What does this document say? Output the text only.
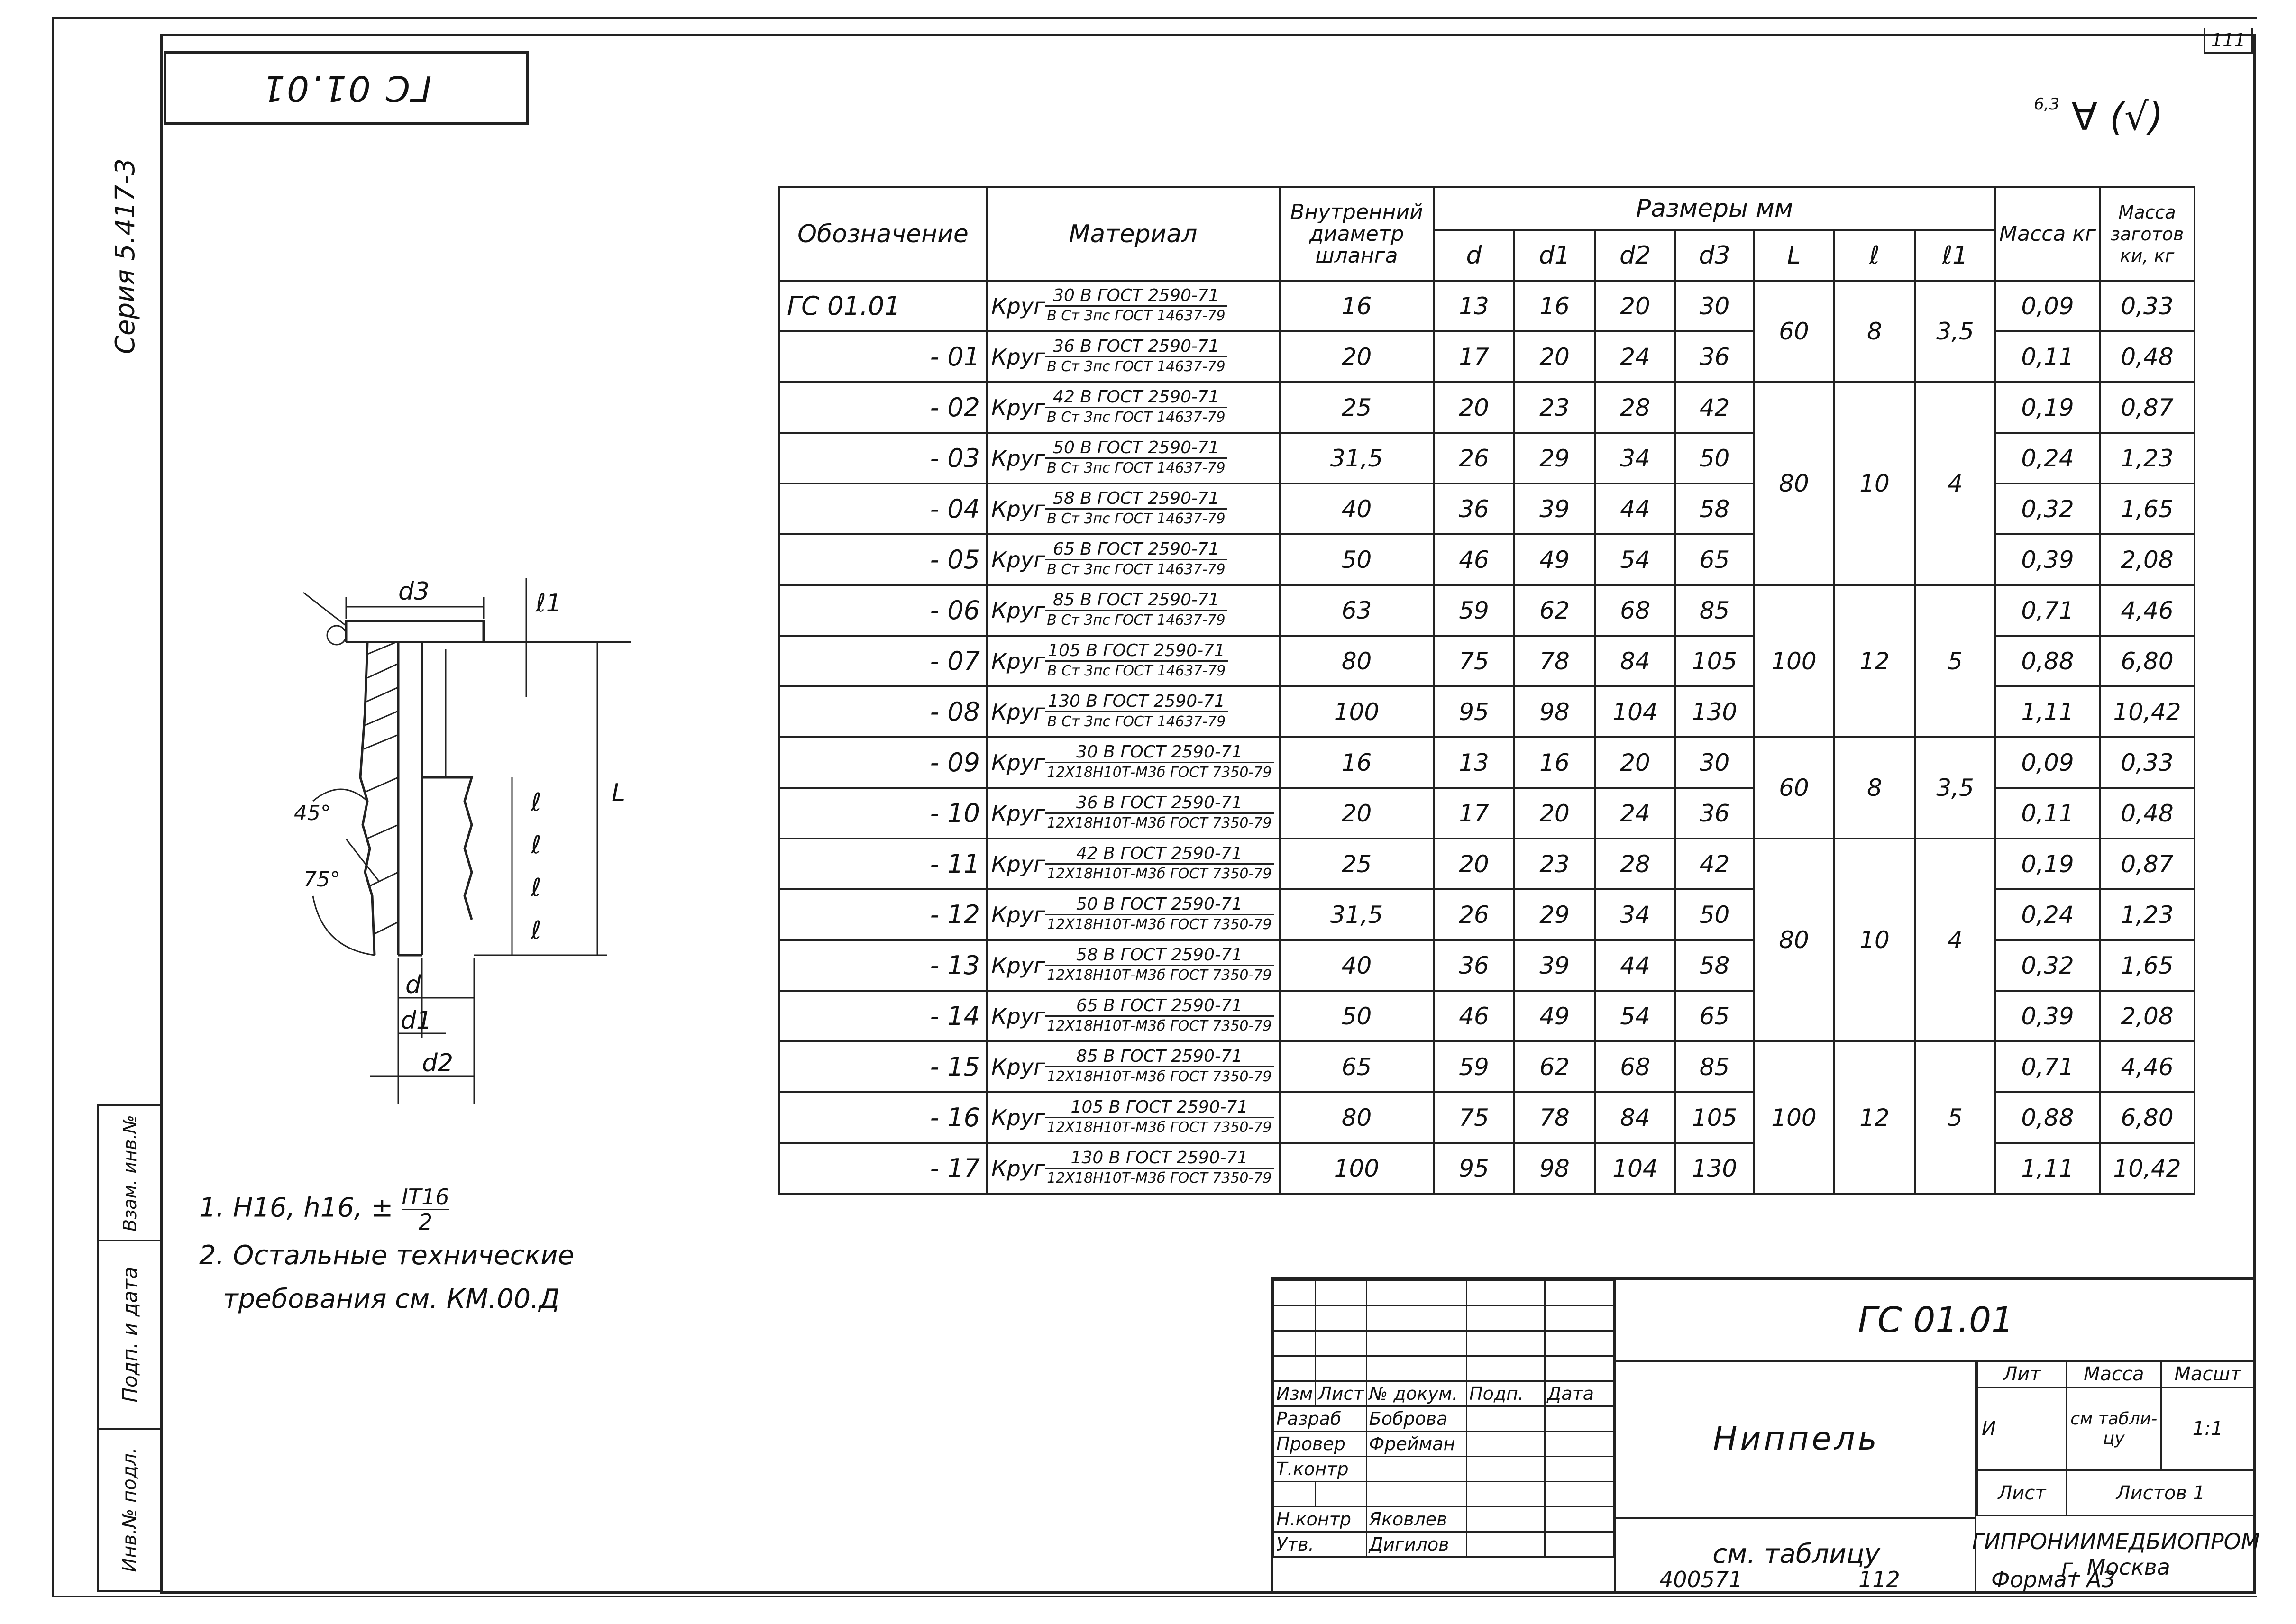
111
ГС 01.01
Серия 5.417-3
$^{6,3}$ ∀ (√)
Обозначение	Материал	Внутренний диаметр шланга	Размеры мм							Масса кг	Масса заготов ки, кг
			d	d1	d2	d3	L	ℓ	ℓ1		
ГС 01.01	Круг $\frac{\text{30 В ГОСТ 2590-71}}{\text{В Ст 3пс ГОСТ 14637-79}}$	16	13	16	20	30	60	8	3,5	0,09	0,33
- 01	Круг $\frac{\text{36 В ГОСТ 2590-71}}{\text{В Ст 3пс ГОСТ 14637-79}}$	20	17	20	24	36				0,11	0,48
- 02	Круг $\frac{\text{42 В ГОСТ 2590-71}}{\text{В Ст 3пс ГОСТ 14637-79}}$	25	20	23	28	42	80	10	4	0,19	0,87
- 03	Круг $\frac{\text{50 В ГОСТ 2590-71}}{\text{В Ст 3пс ГОСТ 14637-79}}$	31,5	26	29	34	50				0,24	1,23
- 04	Круг $\frac{\text{58 В ГОСТ 2590-71}}{\text{В Ст 3пс ГОСТ 14637-79}}$	40	36	39	44	58				0,32	1,65
- 05	Круг $\frac{\text{65 В ГОСТ 2590-71}}{\text{В Ст 3пс ГОСТ 14637-79}}$	50	46	49	54	65				0,39	2,08
- 06	Круг $\frac{\text{85 В ГОСТ 2590-71}}{\text{В Ст 3пс ГОСТ 14637-79}}$	63	59	62	68	85	100	12	5	0,71	4,46
- 07	Круг $\frac{\text{105 В ГОСТ 2590-71}}{\text{В Ст 3пс ГОСТ 14637-79}}$	80	75	78	84	105				0,88	6,80
- 08	Круг $\frac{\text{130 В ГОСТ 2590-71}}{\text{В Ст 3пс ГОСТ 14637-79}}$	100	95	98	104	130				1,11	10,42
- 09	Круг $\frac{\text{30 В ГОСТ 2590-71}}{\text{12Х18Н10Т-М3б ГОСТ 7350-79}}$	16	13	16	20	30	60	8	3,5	0,09	0,33
- 10	Круг $\frac{\text{36 В ГОСТ 2590-71}}{\text{12Х18Н10Т-М3б ГОСТ 7350-79}}$	20	17	20	24	36				0,11	0,48
- 11	Круг $\frac{\text{42 В ГОСТ 2590-71}}{\text{12Х18Н10Т-М3б ГОСТ 7350-79}}$	25	20	23	28	42	80	10	4	0,19	0,87
- 12	Круг $\frac{\text{50 В ГОСТ 2590-71}}{\text{12Х18Н10Т-М3б ГОСТ 7350-79}}$	31,5	26	29	34	50				0,24	1,23
- 13	Круг $\frac{\text{58 В ГОСТ 2590-71}}{\text{12Х18Н10Т-М3б ГОСТ 7350-79}}$	40	36	39	44	58				0,32	1,65
- 14	Круг $\frac{\text{65 В ГОСТ 2590-71}}{\text{12Х18Н10Т-М3б ГОСТ 7350-79}}$	50	46	49	54	65				0,39	2,08
- 15	Круг $\frac{\text{85 В ГОСТ 2590-71}}{\text{12Х18Н10Т-М3б ГОСТ 7350-79}}$	65	59	62	68	85	100	12	5	0,71	4,46
- 16	Круг $\frac{\text{105 В ГОСТ 2590-71}}{\text{12Х18Н10Т-М3б ГОСТ 7350-79}}$	80	75	78	84	105				0,88	6,80
- 17	Круг $\frac{\text{130 В ГОСТ 2590-71}}{\text{12Х18Н10Т-М3б ГОСТ 7350-79}}$	100	95	98	104	130				1,11	10,42
d3	ℓ1
L
ℓ
ℓ
ℓ
ℓ
d
d1
d2
45°
75°
1. H16, h16, ± $\frac{IT16}{2}$
2. Остальные технические
требования см. КМ.00.Д
Взам. инв.№
Подп. и дата
Инв.№ подл.

Изм	Лист	№ докум.	Подп.	Дата
Разраб		Боброва		
Провер		Фрейман		
Т.контр				

Н.контр		Яковлев		
Утв.		Дигилов		
ГС 01.01
Ниппель
см. таблицу
Лит	Масса	Масшт
И	см табли- цу	1:1
Лист	Листов 1	
ГИПРОНИИМЕДБИОПРОМ
г. Москва
400571	112	Формат А3
